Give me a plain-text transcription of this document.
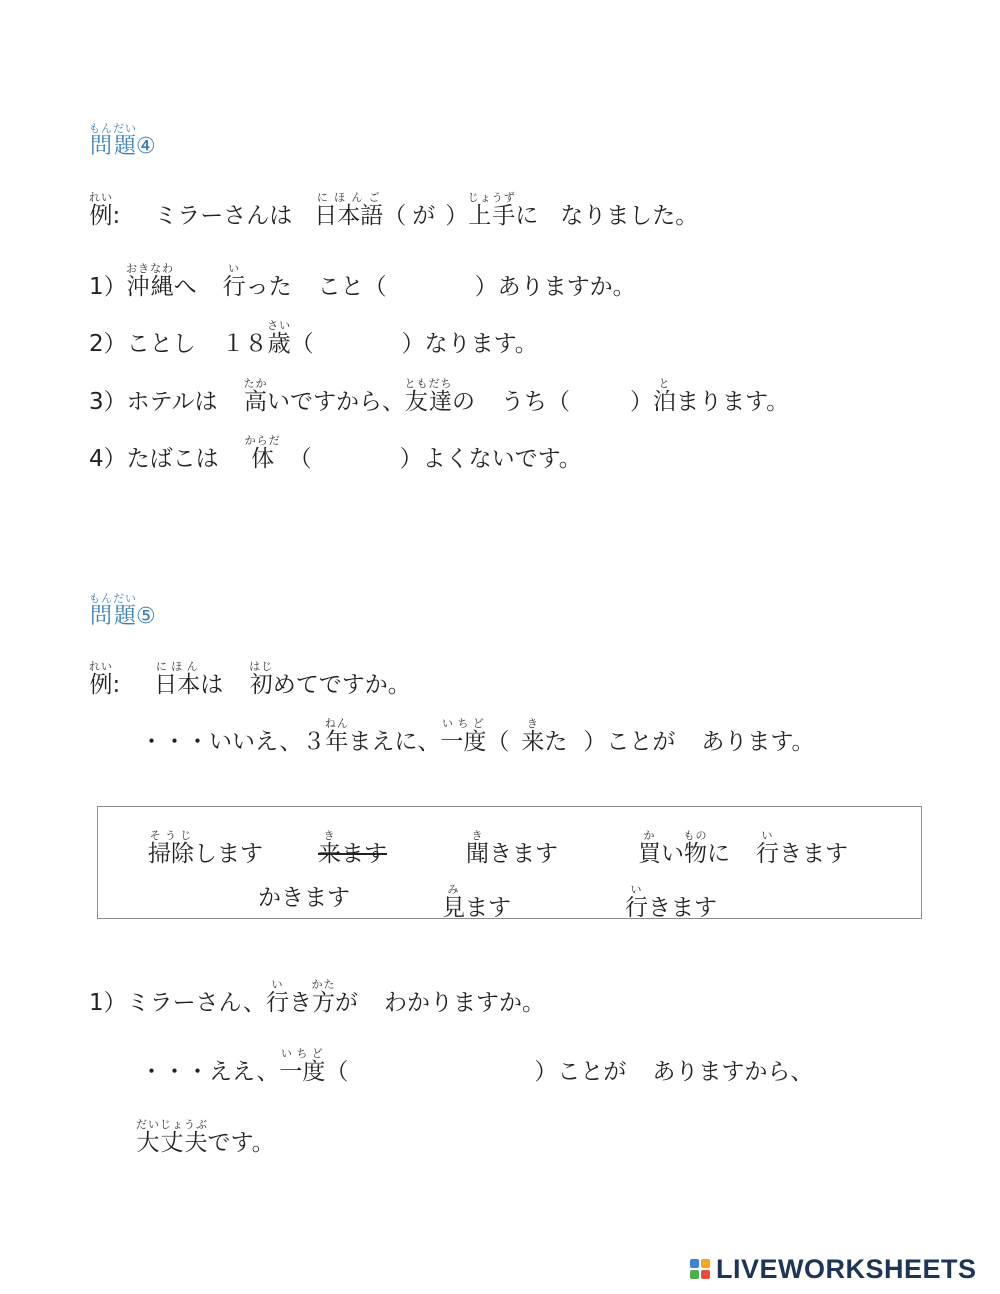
問題もんだい④
例れい: ミラーさんは 日本語にほんご（ が ）上手じょうずに なりました。
1）沖縄おきなわへ 行いった こと（	）ありますか。
2）ことし １８歳さい（	）なります。
3）ホテルは 高たかいですから、友達ともだちの うち（	）泊とまります。
4）たばこは 体からだ（	）よくないです。
問題もんだい⑤
例れい: 日本にほんは 初はじめてですか。
・・・いいえ、３年ねんまえに、一度いちど（ 来きた ）ことが あります。
掃除そうじします 来きます	聞ききます	買かい物ものに 行いきます
かきます	見みます	行いきます
1）ミラーさん、行いき方かたが わかりますか。
・・・ええ、一度いちど（	）ことが ありますから、
大丈夫だいじょうぶです。
LIVEWORKSHEETS
